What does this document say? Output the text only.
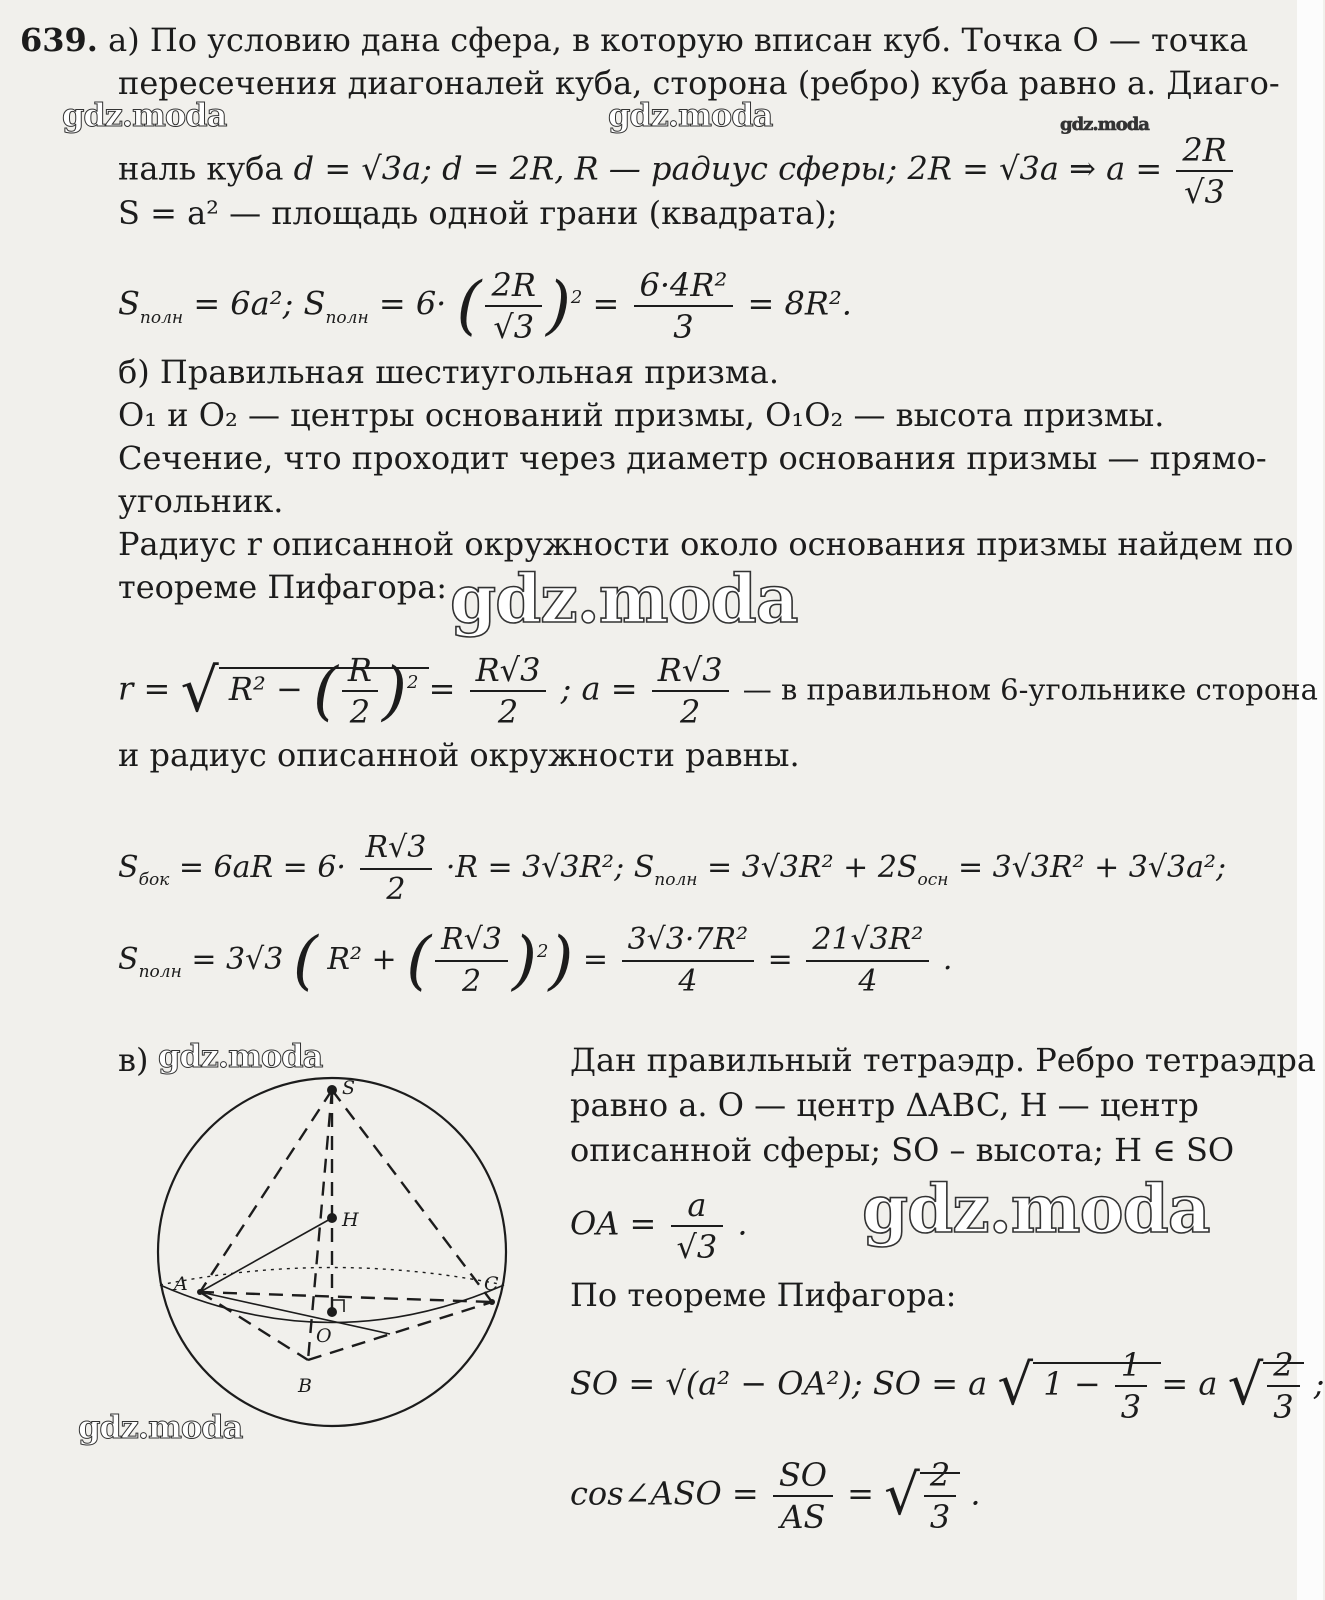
639. а) По условию дана сфера, в которую вписан куб. Точка O — точка
пересечения диагоналей куба, сторона (ребро) куба равно a. Диаго-
наль куба d = √3a; d = 2R, R — радиус сферы; 2R = √3a ⇒ $a = \frac{2R}{√3}$
S = a² — площадь одной грани (квадрата);
$S_{полн} = 6a^2$; $S_{полн} = 6\cdot$ ( $\frac{2R}{√3} )^2 = \frac{\text{6·4R²}}{3} = 8R^2$.
б) Правильная шестиугольная призма.
O₁ и O₂ — центры оснований призмы, O₁O₂ — высота призмы.
Сечение, что проходит через диаметр основания призмы — прямо-
угольник.
Радиус r описанной окружности около основания призмы найдем по
теореме Пифагора:
r = √ R² − ( $\frac{R}{2} )^2 = \frac{R√3}{2}$ ; $a = \frac{R√3}{2}$ — в правильном 6-угольнике сторона
и радиус описанной окружности равны.
$S_{бок} = 6aR = 6\cdot \frac{R√3}{2} \cdot R = 3√3R^2$; $S_{полн} = 3√3R^2 + 2S_{осн} = 3√3R^2 + 3√3a^2$;
$S_{полн} = 3√3$ ( R² + ( $\frac{R√3}{2} )^2) = \frac{\text{3√3·7R²}}{4} = \frac{\text{21√3R²}}{4}$ .
в)
S
H
A	C
O
B
Дан правильный тетраэдр. Ребро тетраэдра
равно a. O — центр ΔABC, H — центр
описанной сферы; SO – высота; H ∈ SO
OA = $\frac{a}{√3}$ .
По теореме Пифагора:
SO = √(a² − OA²); SO = a √ $1 - \frac{1}{3} = a$ √ $\frac{2}{3}$ ;
cos∠ASO = $\frac{SO}{AS}$ = √ $\frac{2}{3}$ .
gdz.moda	gdz.moda	gdz.moda
gdz.moda
gdz.moda
gdz.moda
gdz.moda
